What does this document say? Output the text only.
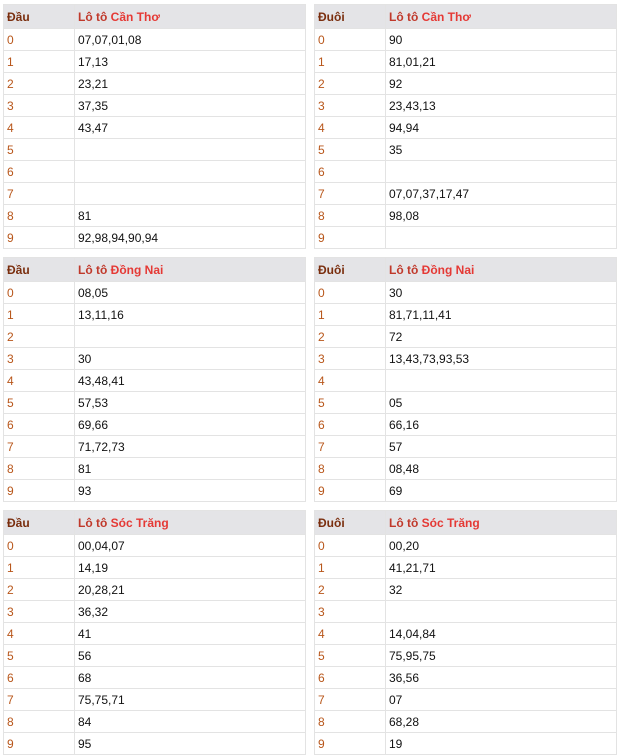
Đầu	Lô tô Cần Thơ
0	07,07,01,08
1	17,13
2	23,21
3	37,35
4	43,47
5	
6	
7	
8	81
9	92,98,94,90,94
Đuôi	Lô tô Cần Thơ
0	90
1	81,01,21
2	92
3	23,43,13
4	94,94
5	35
6	
7	07,07,37,17,47
8	98,08
9	
Đầu	Lô tô Đồng Nai
0	08,05
1	13,11,16
2	
3	30
4	43,48,41
5	57,53
6	69,66
7	71,72,73
8	81
9	93
Đuôi	Lô tô Đồng Nai
0	30
1	81,71,11,41
2	72
3	13,43,73,93,53
4	
5	05
6	66,16
7	57
8	08,48
9	69
Đầu	Lô tô Sóc Trăng
0	00,04,07
1	14,19
2	20,28,21
3	36,32
4	41
5	56
6	68
7	75,75,71
8	84
9	95
Đuôi	Lô tô Sóc Trăng
0	00,20
1	41,21,71
2	32
3	
4	14,04,84
5	75,95,75
6	36,56
7	07
8	68,28
9	19
